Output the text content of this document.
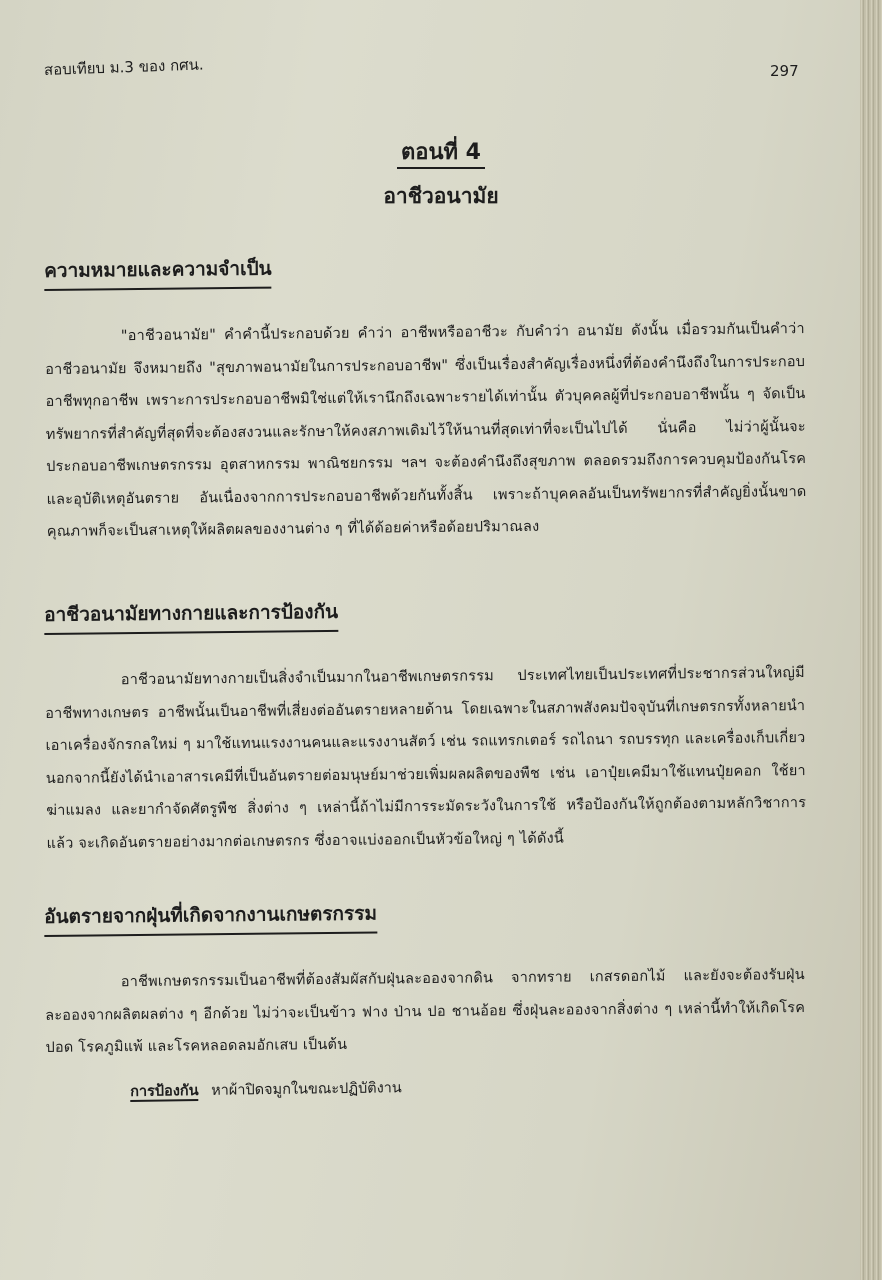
สอบเทียบ ม.3 ของ กศน.	297
ตอนที่ 4
อาชีวอนามัย
ความหมายและความจำเป็น
"อาชีวอนามัย" คำคำนี้ประกอบด้วย คำว่า อาชีพหรืออาชีวะ กับคำว่า อนามัย ดังนั้น เมื่อรวมกันเป็นคำว่า อาชีวอนามัย จึงหมายถึง "สุขภาพอนามัยในการประกอบอาชีพ" ซึ่งเป็นเรื่องสำคัญเรื่องหนึ่งที่ต้องคำนึงถึงในการประกอบอาชีพทุกอาชีพ เพราะการประกอบอาชีพมิใช่แต่ให้เรานึกถึงเฉพาะรายได้เท่านั้น ตัวบุคคลผู้ที่ประกอบอาชีพนั้น ๆ จัดเป็นทรัพยากรที่สำคัญที่สุดที่จะต้องสงวนและรักษาให้คงสภาพเดิมไว้ให้นานที่สุดเท่าที่จะเป็นไปได้ นั่นคือ ไม่ว่าผู้นั้นจะประกอบอาชีพเกษตรกรรม อุตสาหกรรม พาณิชยกรรม ฯลฯ จะต้องคำนึงถึงสุขภาพ ตลอดรวมถึงการควบคุมป้องกันโรค และอุบัติเหตุอันตราย อันเนื่องจากการประกอบอาชีพด้วยกันทั้งสิ้น เพราะถ้าบุคคลอันเป็นทรัพยากรที่สำคัญยิ่งนั้นขาดคุณภาพก็จะเป็นสาเหตุให้ผลิตผลของงานต่าง ๆ ที่ได้ด้อยค่าหรือด้อยปริมาณลง
อาชีวอนามัยทางกายและการป้องกัน
อาชีวอนามัยทางกายเป็นสิ่งจำเป็นมากในอาชีพเกษตรกรรม ประเทศไทยเป็นประเทศที่ประชากรส่วนใหญ่มีอาชีพทางเกษตร อาชีพนั้นเป็นอาชีพที่เสี่ยงต่ออันตรายหลายด้าน โดยเฉพาะในสภาพสังคมปัจจุบันที่เกษตรกรทั้งหลายนำเอาเครื่องจักรกลใหม่ ๆ มาใช้แทนแรงงานคนและแรงงานสัตว์ เช่น รถแทรกเตอร์ รถไถนา รถบรรทุก และเครื่องเก็บเกี่ยว นอกจากนี้ยังได้นำเอาสารเคมีที่เป็นอันตรายต่อมนุษย์มาช่วยเพิ่มผลผลิตของพืช เช่น เอาปุ๋ยเคมีมาใช้แทนปุ๋ยคอก ใช้ยาฆ่าแมลง และยากำจัดศัตรูพืช สิ่งต่าง ๆ เหล่านี้ถ้าไม่มีการระมัดระวังในการใช้ หรือป้องกันให้ถูกต้องตามหลักวิชาการแล้ว จะเกิดอันตรายอย่างมากต่อเกษตรกร ซึ่งอาจแบ่งออกเป็นหัวข้อใหญ่ ๆ ได้ดังนี้
อันตรายจากฝุ่นที่เกิดจากงานเกษตรกรรม
อาชีพเกษตรกรรมเป็นอาชีพที่ต้องสัมผัสกับฝุ่นละอองจากดิน จากทราย เกสรดอกไม้ และยังจะต้องรับฝุ่นละอองจากผลิตผลต่าง ๆ อีกด้วย ไม่ว่าจะเป็นข้าว ฟาง ป่าน ปอ ชานอ้อย ซึ่งฝุ่นละอองจากสิ่งต่าง ๆ เหล่านี้ทำให้เกิดโรคปอด โรคภูมิแพ้ และโรคหลอดลมอักเสบ เป็นต้น
การป้องกัน หาผ้าปิดจมูกในขณะปฏิบัติงาน
